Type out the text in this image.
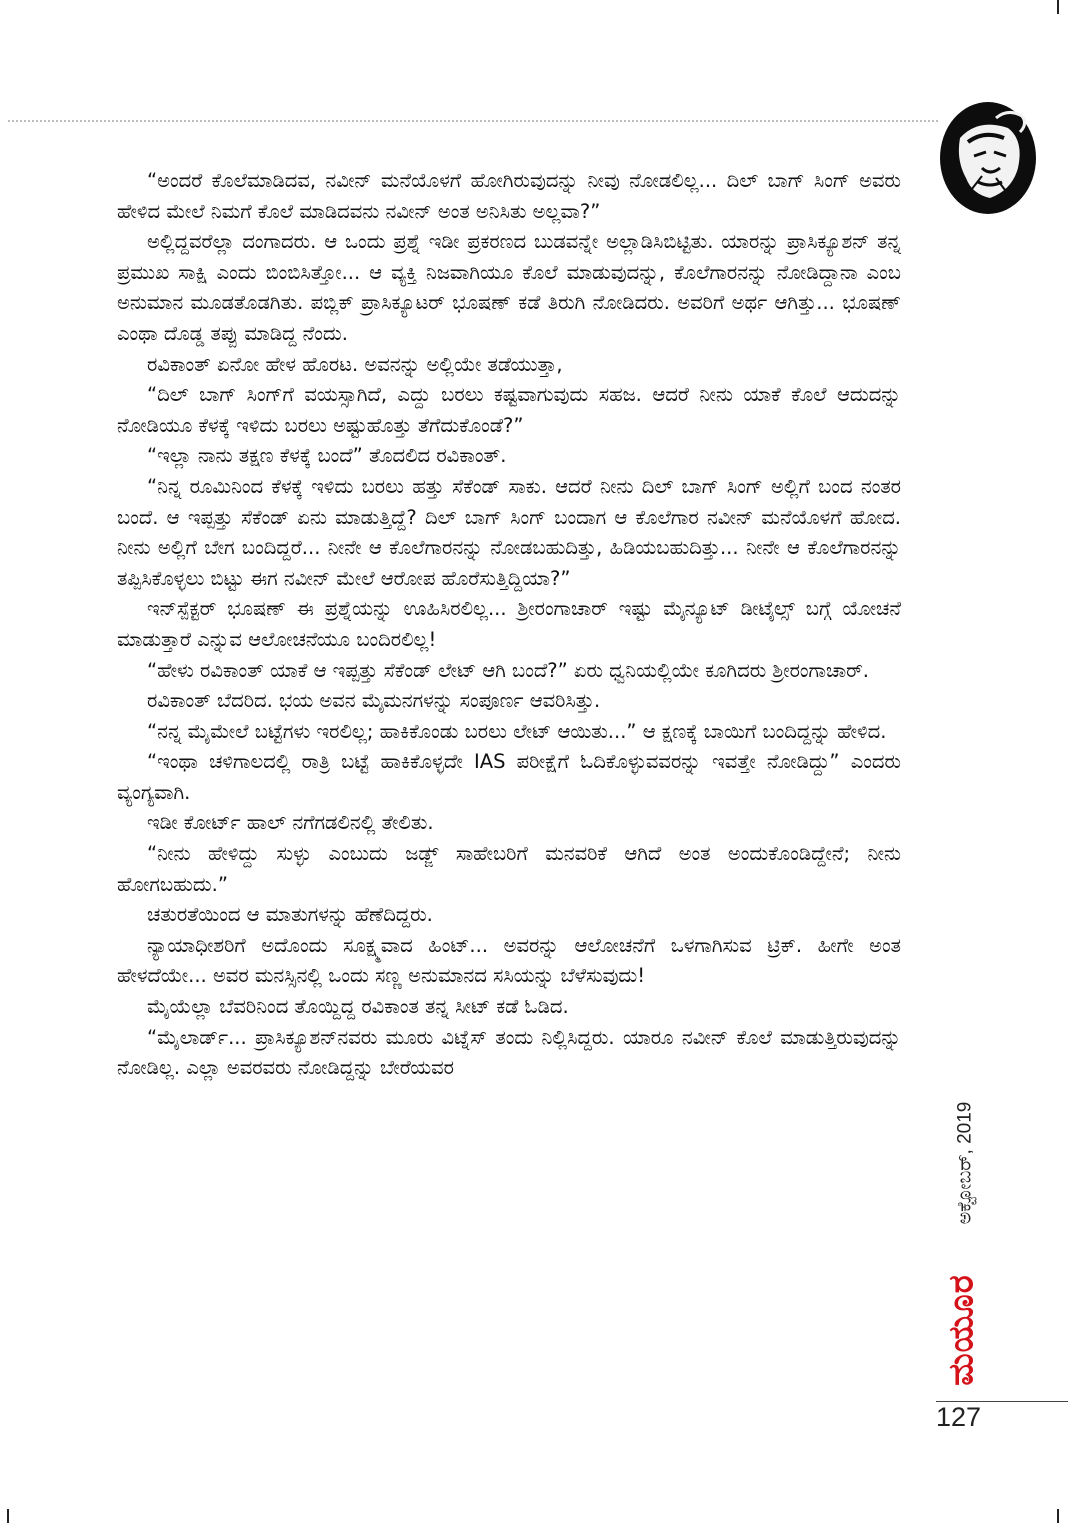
“ಅಂದರೆ ಕೊಲೆಮಾಡಿದವ, ನವೀನ್ ಮನೆಯೊಳಗೆ ಹೋಗಿರುವುದನ್ನು ನೀವು ನೋಡಲಿಲ್ಲ... ದಿಲ್ ಬಾಗ್ ಸಿಂಗ್ ಅವರು ಹೇಳಿದ ಮೇಲೆ ನಿಮಗೆ ಕೊಲೆ ಮಾಡಿದವನು ನವೀನ್ ಅಂತ ಅನಿಸಿತು ಅಲ್ಲವಾ?”

ಅಲ್ಲಿದ್ದವರೆಲ್ಲಾ ದಂಗಾದರು. ಆ ಒಂದು ಪ್ರಶ್ನೆ ಇಡೀ ಪ್ರಕರಣದ ಬುಡವನ್ನೇ ಅಲ್ಲಾಡಿಸಿಬಿಟ್ಟಿತು. ಯಾರನ್ನು ಪ್ರಾಸಿಕ್ಯೂಶನ್ ತನ್ನ ಪ್ರಮುಖ ಸಾಕ್ಷಿ ಎಂದು ಬಿಂಬಿಸಿತ್ತೋ... ಆ ವ್ಯಕ್ತಿ ನಿಜವಾಗಿಯೂ ಕೊಲೆ ಮಾಡುವುದನ್ನು, ಕೊಲೆಗಾರನನ್ನು ನೋಡಿದ್ದಾನಾ ಎಂಬ ಅನುಮಾನ ಮೂಡತೊಡಗಿತು. ಪಬ್ಲಿಕ್ ಪ್ರಾಸಿಕ್ಯೂಟರ್ ಭೂಷಣ್ ಕಡೆ ತಿರುಗಿ ನೋಡಿದರು. ಅವರಿಗೆ ಅರ್ಥ ಆಗಿತ್ತು... ಭೂಷಣ್ ಎಂಥಾ ದೊಡ್ಡ ತಪ್ಪು ಮಾಡಿದ್ದ ನೆಂದು.

ರವಿಕಾಂತ್ ಏನೋ ಹೇಳ ಹೊರಟ. ಅವನನ್ನು ಅಲ್ಲಿಯೇ ತಡೆಯುತ್ತಾ,

“ದಿಲ್ ಬಾಗ್ ಸಿಂಗ್‌ಗೆ ವಯಸ್ಸಾಗಿದೆ, ಎದ್ದು ಬರಲು ಕಷ್ಟವಾಗುವುದು ಸಹಜ. ಆದರೆ ನೀನು ಯಾಕೆ ಕೊಲೆ ಆದುದನ್ನು ನೋಡಿಯೂ ಕೆಳಕ್ಕೆ ಇಳಿದು ಬರಲು ಅಷ್ಟುಹೊತ್ತು ತೆಗೆದುಕೊಂಡೆ?”

“ಇಲ್ಲಾ ನಾನು ತಕ್ಷಣ ಕೆಳಕ್ಕೆ ಬಂದೆ” ತೊದಲಿದ ರವಿಕಾಂತ್.

“ನಿನ್ನ ರೂಮಿನಿಂದ ಕೆಳಕ್ಕೆ ಇಳಿದು ಬರಲು ಹತ್ತು ಸೆಕೆಂಡ್ ಸಾಕು. ಆದರೆ ನೀನು ದಿಲ್ ಬಾಗ್ ಸಿಂಗ್ ಅಲ್ಲಿಗೆ ಬಂದ ನಂತರ ಬಂದೆ. ಆ ಇಪ್ಪತ್ತು ಸೆಕೆಂಡ್ ಏನು ಮಾಡುತ್ತಿದ್ದೆ? ದಿಲ್ ಬಾಗ್ ಸಿಂಗ್ ಬಂದಾಗ ಆ ಕೊಲೆಗಾರ ನವೀನ್ ಮನೆಯೊಳಗೆ ಹೋದ. ನೀನು ಅಲ್ಲಿಗೆ ಬೇಗ ಬಂದಿದ್ದರೆ... ನೀನೇ ಆ ಕೊಲೆಗಾರನನ್ನು ನೋಡಬಹುದಿತ್ತು, ಹಿಡಿಯಬಹುದಿತ್ತು... ನೀನೇ ಆ ಕೊಲೆಗಾರನನ್ನು ತಪ್ಪಿಸಿಕೊಳ್ಳಲು ಬಿಟ್ಟು ಈಗ ನವೀನ್ ಮೇಲೆ ಆರೋಪ ಹೊರೆಸುತ್ತಿದ್ದಿಯಾ?”

ಇನ್‌ಸ್ಪೆಕ್ಟರ್ ಭೂಷಣ್ ಈ ಪ್ರಶ್ನೆಯನ್ನು ಊಹಿಸಿರಲಿಲ್ಲ... ಶ್ರೀರಂಗಾಚಾರ್ ಇಷ್ಟು ಮೈನ್ಯೂಟ್ ಡೀಟೈಲ್ಸ್ ಬಗ್ಗೆ ಯೋಚನೆ ಮಾಡುತ್ತಾರೆ ಎನ್ನುವ ಆಲೋಚನೆಯೂ ಬಂದಿರಲಿಲ್ಲ!

“ಹೇಳು ರವಿಕಾಂತ್ ಯಾಕೆ ಆ ಇಪ್ಪತ್ತು ಸೆಕೆಂಡ್ ಲೇಟ್ ಆಗಿ ಬಂದೆ?” ಏರು ಧ್ವನಿಯಲ್ಲಿಯೇ ಕೂಗಿದರು ಶ್ರೀರಂಗಾಚಾರ್.

ರವಿಕಾಂತ್ ಬೆದರಿದ. ಭಯ ಅವನ ಮೈಮನಗಳನ್ನು ಸಂಪೂರ್ಣ ಆವರಿಸಿತ್ತು.

“ನನ್ನ ಮೈಮೇಲೆ ಬಟ್ಟೆಗಳು ಇರಲಿಲ್ಲ; ಹಾಕಿಕೊಂಡು ಬರಲು ಲೇಟ್ ಆಯಿತು...” ಆ ಕ್ಷಣಕ್ಕೆ ಬಾಯಿಗೆ ಬಂದಿದ್ದನ್ನು ಹೇಳಿದ.

“ಇಂಥಾ ಚಳಿಗಾಲದಲ್ಲಿ ರಾತ್ರಿ ಬಟ್ಟೆ ಹಾಕಿಕೊಳ್ಳದೇ IAS ಪರೀಕ್ಷೆಗೆ ಓದಿಕೊಳ್ಳುವವರನ್ನು ಇವತ್ತೇ ನೋಡಿದ್ದು” ಎಂದರು ವ್ಯಂಗ್ಯವಾಗಿ.

ಇಡೀ ಕೋರ್ಟ್ ಹಾಲ್ ನಗೆಗಡಲಿನಲ್ಲಿ ತೇಲಿತು.

“ನೀನು ಹೇಳಿದ್ದು ಸುಳ್ಳು ಎಂಬುದು ಜಡ್ಜ್ ಸಾಹೇಬರಿಗೆ ಮನವರಿಕೆ ಆಗಿದೆ ಅಂತ ಅಂದುಕೊಂಡಿದ್ದೇನೆ; ನೀನು ಹೋಗಬಹುದು.”

ಚತುರತೆಯಿಂದ ಆ ಮಾತುಗಳನ್ನು ಹೆಣೆದಿದ್ದರು.

ನ್ಯಾಯಾಧೀಶರಿಗೆ ಅದೊಂದು ಸೂಕ್ಷ್ಮವಾದ ಹಿಂಟ್... ಅವರನ್ನು ಆಲೋಚನೆಗೆ ಒಳಗಾಗಿಸುವ ಟ್ರಿಕ್. ಹೀಗೇ ಅಂತ ಹೇಳದೆಯೇ... ಅವರ ಮನಸ್ಸಿನಲ್ಲಿ ಒಂದು ಸಣ್ಣ ಅನುಮಾನದ ಸಸಿಯನ್ನು ಬೆಳೆಸುವುದು!

ಮೈಯೆಲ್ಲಾ ಬೆವರಿನಿಂದ ತೊಯ್ದಿದ್ದ ರವಿಕಾಂತ ತನ್ನ ಸೀಟ್ ಕಡೆ ಓಡಿದ.

“ಮೈಲಾರ್ಡ್... ಪ್ರಾಸಿಕ್ಯೂಶನ್‌ನವರು ಮೂರು ವಿಟ್ನೆಸ್ ತಂದು ನಿಲ್ಲಿಸಿದ್ದರು. ಯಾರೂ ನವೀನ್ ಕೊಲೆ ಮಾಡುತ್ತಿರುವುದನ್ನು ನೋಡಿಲ್ಲ. ಎಲ್ಲಾ ಅವರವರು ನೋಡಿದ್ದನ್ನು ಬೇರೆಯವರ

ಅಕ್ಟೋಬರ್, 2019
ಮಯೂರ
127
